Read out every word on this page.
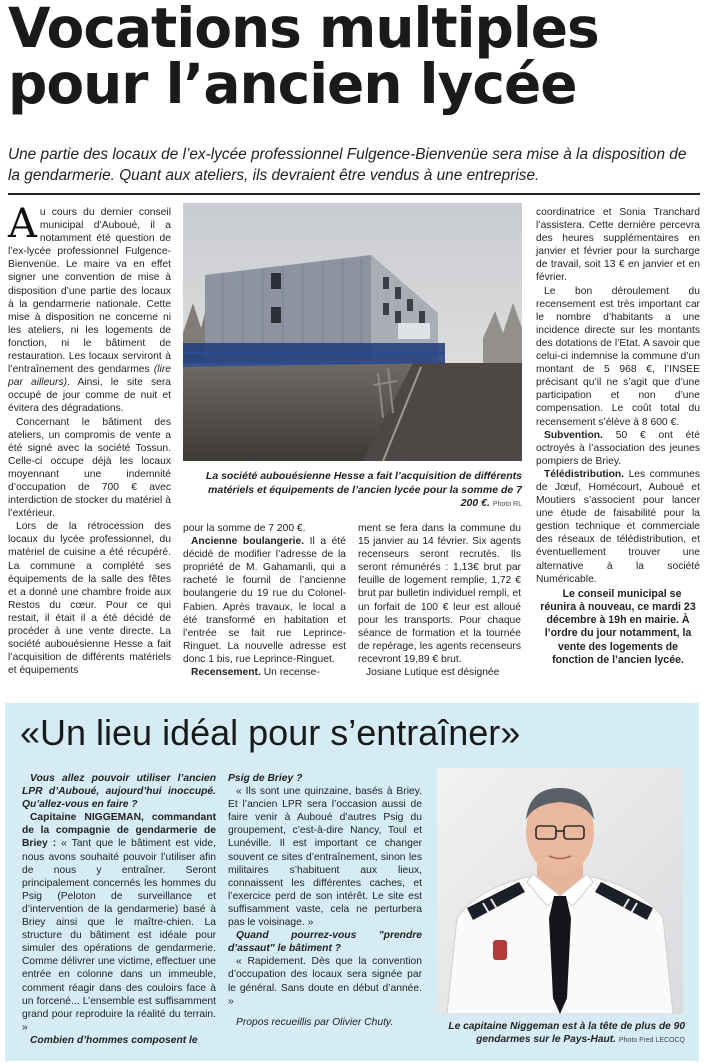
Vocations multiples
pour l’ancien lycée

Une partie des locaux de l’ex-lycée professionnel Fulgence-Bienvenüe sera mise à la disposition de la gendarmerie. Quant aux ateliers, ils devraient être vendus à une entreprise.

Au cours du dernier conseil municipal d’Auboué, il a notamment été question de l’ex-lycée professionnel Fulgence-Bienvenüe. Le maire va en effet signer une convention de mise à disposition d’une partie des locaux à la gendarmerie nationale. Cette mise à disposition ne concerne ni les ateliers, ni les logements de fonction, ni le bâtiment de restauration. Les locaux serviront à l’entraînement des gendarmes (lire par ailleurs). Ainsi, le site sera occupé de jour comme de nuit et évitera des dégradations.

Concernant le bâtiment des ateliers, un compromis de vente a été signé avec la société Tossun. Celle-ci occupe déjà les locaux moyennant une indemnité d’occupation de 700 € avec interdiction de stocker du matériel à l’extérieur.

Lors de la rétrocession des locaux du lycée professionnel, du matériel de cuisine a été récupéré. La commune a complété ses équipements de la salle des fêtes et a donné une chambre froide aux Restos du cœur. Pour ce qui restait, il était il a été décidé de procéder à une vente directe. La société aubouésienne Hesse a fait l’acquisition de différents matériels et équipements

La société aubouésienne Hesse a fait l’acquisition de différents matériels et équipements de l’ancien lycée pour la somme de 7 200 €. Photo RL

pour la somme de 7 200 €.

Ancienne boulangerie. Il a été décidé de modifier l’adresse de la propriété de M. Gahamanli, qui a racheté le fournil de l’ancienne boulangerie du 19 rue du Colonel-Fabien. Après travaux, le local a été transformé en habitation et l’entrée se fait rue Leprince-Ringuet. La nouvelle adresse est donc 1 bis, rue Leprince-Ringuet.

Recensement. Un recense-

ment se fera dans la commune du 15 janvier au 14 février. Six agents recenseurs seront recrutés. Ils seront rémunérés : 1,13€ brut par feuille de logement remplie, 1,72 € brut par bulletin individuel rempli, et un forfait de 100 € leur est alloué pour les transports. Pour chaque séance de formation et la tournée de repérage, les agents recenseurs recevront 19,89 € brut.

Josiane Lutique est désignée

coordinatrice et Sonia Tranchard l’assistera. Cette dernière percevra des heures supplémentaires en janvier et février pour la surcharge de travail, soit 13 € en janvier et en février.

Le bon déroulement du recensement est très important car le nombre d’habitants a une incidence directe sur les montants des dotations de l’Etat. A savoir que celui-ci indemnise la commune d’un montant de 5 968 €, l’INSEE précisant qu’il ne s’agit que d’une participation et non d’une compensation. Le coût total du recensement s’élève à 8 600 €.

Subvention. 50 € ont été octroyés à l’association des jeunes pompiers de Briey.

Télédistribution. Les communes de Jœuf, Homécourt, Auboué et Moutiers s’associent pour lancer une étude de faisabilité pour la gestion technique et commerciale des réseaux de télédistribution, et éventuellement trouver une alternative à la société Numéricable.

Le conseil municipal se réunira à nouveau, ce mardi 23 décembre à 19h en mairie. À l’ordre du jour notamment, la vente des logements de fonction de l’ancien lycée.

«Un lieu idéal pour s’entraîner»

Vous allez pouvoir utiliser l’ancien LPR d’Auboué, aujourd’hui inoccupé. Qu’allez-vous en faire ?

Capitaine NIGGEMAN, commandant de la compagnie de gendarmerie de Briey : « Tant que le bâtiment est vide, nous avons souhaité pouvoir l’utiliser afin de nous y entraîner. Seront principalement concernés les hommes du Psig (Peloton de surveillance et d’intervention de la gendarmerie) basé à Briey ainsi que le maître-chien. La structure du bâtiment est idéale pour simuler des opérations de gendarmerie. Comme délivrer une victime, effectuer une entrée en colonne dans un immeuble, comment réagir dans des couloirs face à un forcené... L’ensemble est suffisamment grand pour reproduire la réalité du terrain. »

Combien d’hommes composent le

Psig de Briey ?

« Ils sont une quinzaine, basés à Briey. Et l’ancien LPR sera l’occasion aussi de faire venir à Auboué d’autres Psig du groupement, c’est-à-dire Nancy, Toul et Lunéville. Il est important ce changer souvent ce sites d’entraînement, sinon les militaires s’habituent aux lieux, connaissent les différentes caches, et l’exercice perd de son intérêt. Le site est suffisamment vaste, cela ne perturbera pas le voisinage. »

Quand pourrez-vous "prendre d’assaut" le bâtiment ?

« Rapidement. Dès que la convention d’occupation des locaux sera signée par le général. Sans doute en début d’année. »

Propos recueillis par Olivier Chuty.	Le capitaine Niggeman est à la tête de plus de 90 gendarmes sur le Pays-Haut. Photo Fred LECOCQ
